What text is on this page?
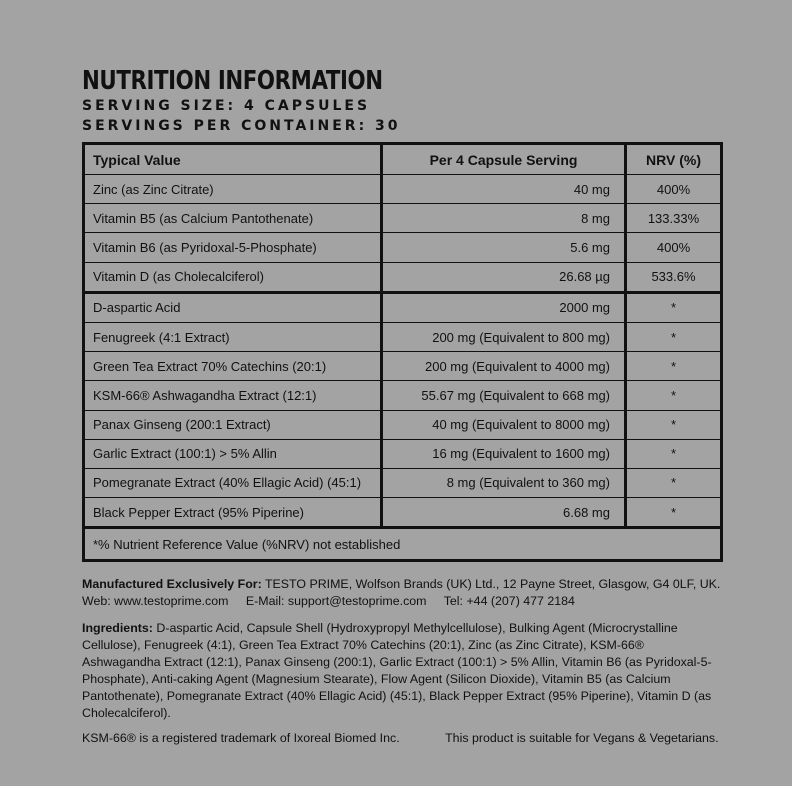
NUTRITION INFORMATION
SERVING SIZE: 4 CAPSULES
SERVINGS PER CONTAINER: 30
Typical Value	Per 4 Capsule Serving	NRV (%)
Zinc (as Zinc Citrate)	40 mg	400%
Vitamin B5 (as Calcium Pantothenate)	8 mg	133.33%
Vitamin B6 (as Pyridoxal-5-Phosphate)	5.6 mg	400%
Vitamin D (as Cholecalciferol)	26.68 µg	533.6%
D-aspartic Acid	2000 mg	*
Fenugreek (4:1 Extract)	200 mg (Equivalent to 800 mg)	*
Green Tea Extract 70% Catechins (20:1)	200 mg (Equivalent to 4000 mg)	*
KSM-66® Ashwagandha Extract (12:1)	55.67 mg (Equivalent to 668 mg)	*
Panax Ginseng (200:1 Extract)	40 mg (Equivalent to 8000 mg)	*
Garlic Extract (100:1) > 5% Allin	16 mg (Equivalent to 1600 mg)	*
Pomegranate Extract (40% Ellagic Acid) (45:1)	8 mg (Equivalent to 360 mg)	*
Black Pepper Extract (95% Piperine)	6.68 mg	*
*% Nutrient Reference Value (%NRV) not established		
Manufactured Exclusively For: TESTO PRIME, Wolfson Brands (UK) Ltd., 12 Payne Street, Glasgow, G4 0LF, UK.
Web: www.testoprime.com E-Mail: support@testoprime.com Tel: +44 (207) 477 2184
Ingredients: D-aspartic Acid, Capsule Shell (Hydroxypropyl Methylcellulose), Bulking Agent (Microcrystalline Cellulose), Fenugreek (4:1), Green Tea Extract 70% Catechins (20:1), Zinc (as Zinc Citrate), KSM-66® Ashwagandha Extract (12:1), Panax Ginseng (200:1), Garlic Extract (100:1) > 5% Allin, Vitamin B6 (as Pyridoxal-5-Phosphate), Anti-caking Agent (Magnesium Stearate), Flow Agent (Silicon Dioxide), Vitamin B5 (as Calcium Pantothenate), Pomegranate Extract (40% Ellagic Acid) (45:1), Black Pepper Extract (95% Piperine), Vitamin D (as Cholecalciferol).
KSM-66® is a registered trademark of Ixoreal Biomed Inc.	This product is suitable for Vegans & Vegetarians.
